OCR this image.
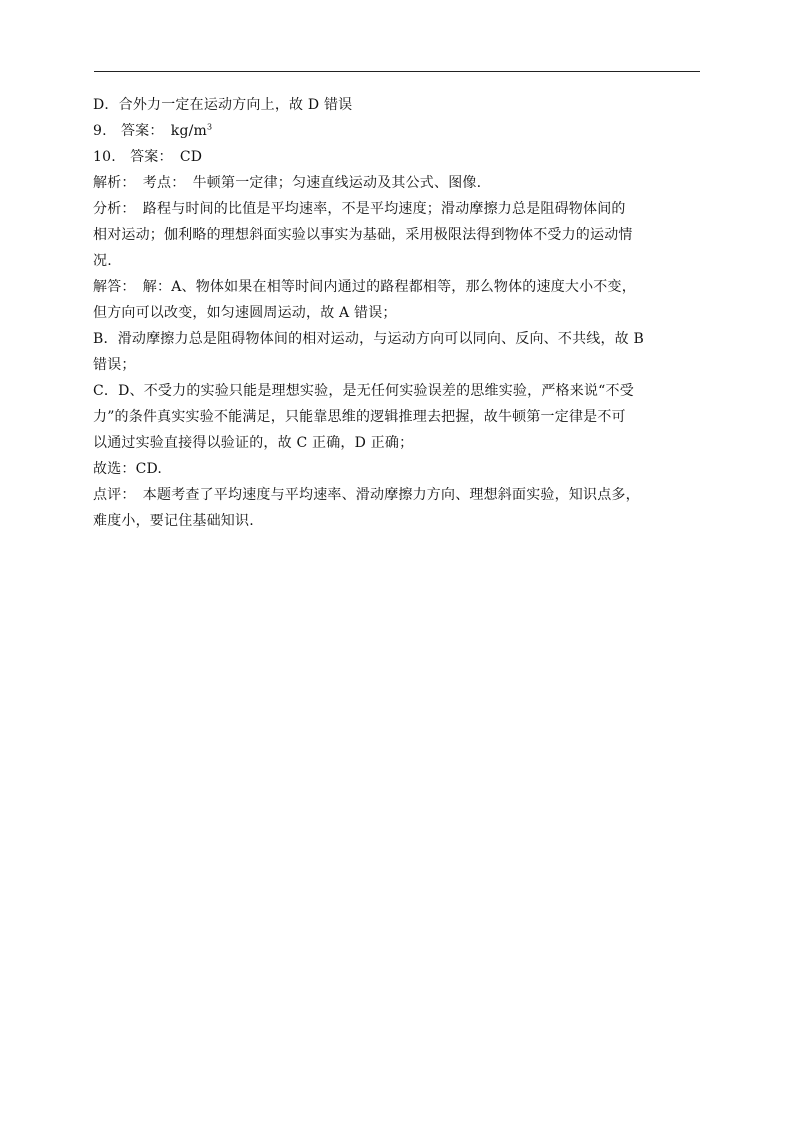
D．合外力一定在运动方向上，故 D 错误
9.　答案：　$kg/m^3$
10.　答案：　CD
解析：　考点：　牛顿第一定律；匀速直线运动及其公式、图像.
分析：　路程与时间的比值是平均速率，不是平均速度；滑动摩擦力总是阻碍物体间的
相对运动；伽利略的理想斜面实验以事实为基础，采用极限法得到物体不受力的运动情
况.
解答：　解：A、物体如果在相等时间内通过的路程都相等，那么物体的速度大小不变，
但方向可以改变，如匀速圆周运动，故 A 错误；
B．滑动摩擦力总是阻碍物体间的相对运动，与运动方向可以同向、反向、不共线，故 B
错误；
C．D、不受力的实验只能是理想实验，是无任何实验误差的思维实验，严格来说“不受
力”的条件真实实验不能满足，只能靠思维的逻辑推理去把握，故牛顿第一定律是不可
以通过实验直接得以验证的，故 C 正确，D 正确；
故选：CD.
点评：　本题考查了平均速度与平均速率、滑动摩擦力方向、理想斜面实验，知识点多，
难度小，要记住基础知识.
